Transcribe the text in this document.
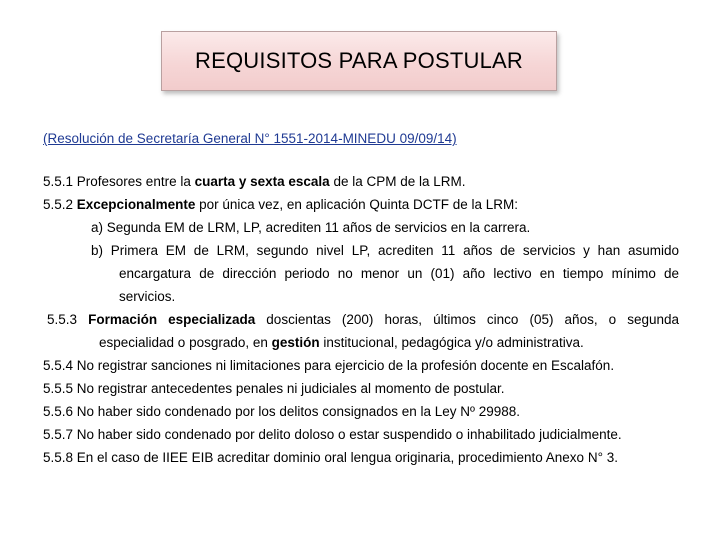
REQUISITOS PARA POSTULAR
(Resolución de Secretaría General N° 1551-2014-MINEDU 09/09/14)
5.5.1 Profesores entre la cuarta y sexta escala de la CPM de la LRM.
5.5.2 Excepcionalmente por única vez, en aplicación Quinta DCTF de la LRM:
a) Segunda EM de LRM, LP, acrediten 11 años de servicios en la carrera.
b) Primera EM de LRM, segundo nivel LP, acrediten 11 años de servicios y han asumido
encargatura de dirección periodo no menor un (01) año lectivo en tiempo mínimo de
servicios.
5.5.3 Formación especializada doscientas (200) horas, últimos cinco (05) años, o segunda
especialidad o posgrado, en gestión institucional, pedagógica y/o administrativa.
5.5.4 No registrar sanciones ni limitaciones para ejercicio de la profesión docente en Escalafón.
5.5.5 No registrar antecedentes penales ni judiciales al momento de postular.
5.5.6 No haber sido condenado por los delitos consignados en la Ley Nº 29988.
5.5.7 No haber sido condenado por delito doloso o estar suspendido o inhabilitado judicialmente.
5.5.8 En el caso de IIEE EIB acreditar dominio oral lengua originaria, procedimiento Anexo N° 3.
